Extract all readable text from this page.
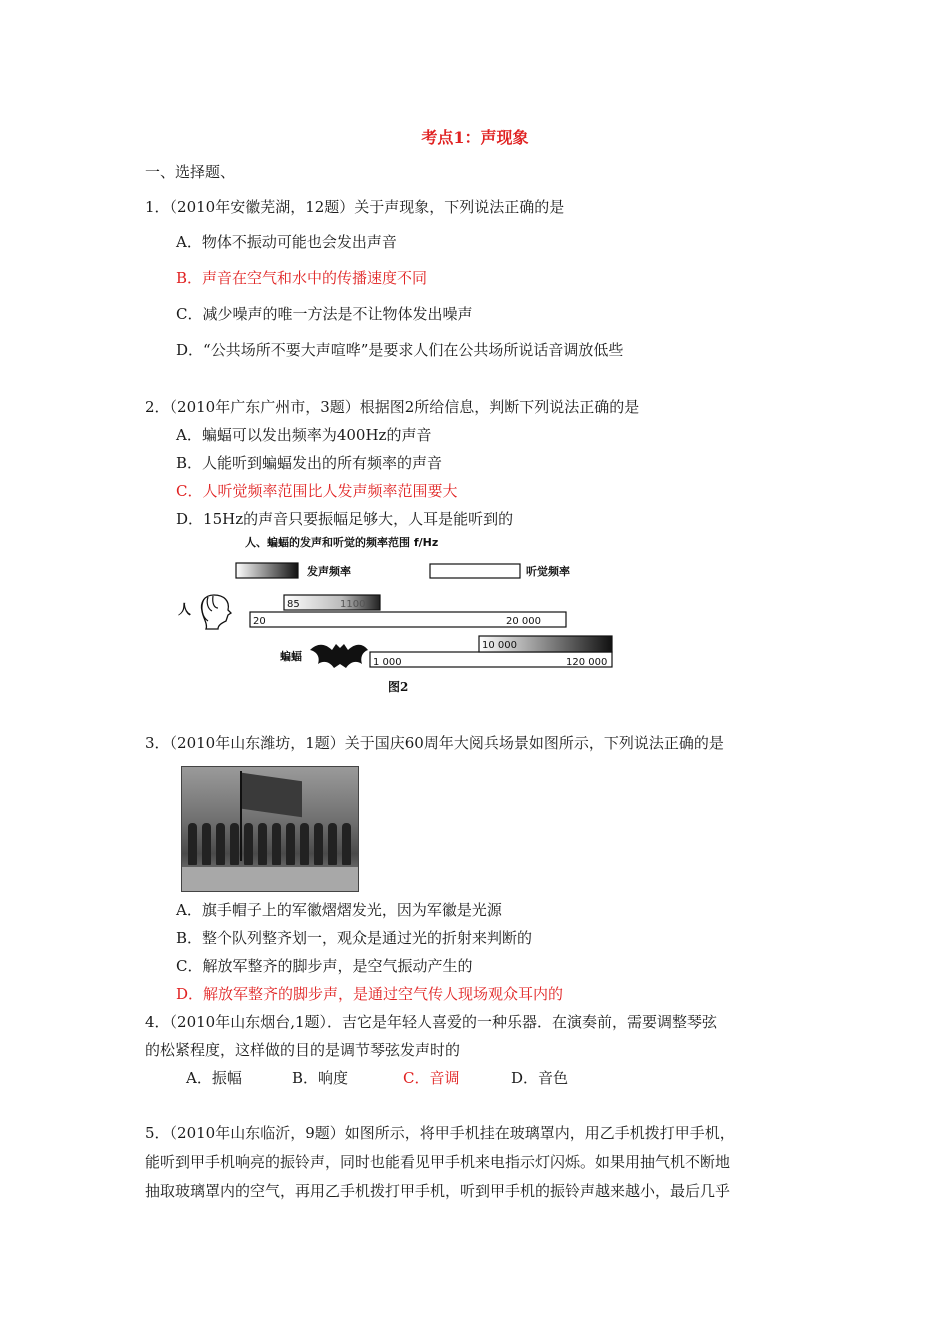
考点1：声现象
一、选择题、
1．（2010年安徽芜湖，12题）关于声现象，下列说法正确的是
A．物体不振动可能也会发出声音
B．声音在空气和水中的传播速度不同
C．减少噪声的唯一方法是不让物体发出噪声
D．“公共场所不要大声喧哗”是要求人们在公共场所说话音调放低些
2．（2010年广东广州市，3题）根据图2所给信息，判断下列说法正确的是
A．蝙蝠可以发出频率为400Hz的声音
B．人能听到蝙蝠发出的所有频率的声音
C．人听觉频率范围比人发声频率范围要大
D．15Hz的声音只要振幅足够大，人耳是能听到的
人、蝙蝠的发声和听觉的频率范围 f/Hz
发声频率	听觉频率
人	85	1100
20	20 000
蝙蝠
10 000
1 000	120 000
图2
3．（2010年山东潍坊，1题）关于国庆60周年大阅兵场景如图所示，下列说法正确的是
A．旗手帽子上的军徽熠熠发光，因为军徽是光源
B．整个队列整齐划一，观众是通过光的折射来判断的
C．解放军整齐的脚步声，是空气振动产生的
D．解放军整齐的脚步声，是通过空气传人现场观众耳内的
4．（2010年山东烟台,1题）．吉它是年轻人喜爱的一种乐器．在演奏前，需要调整琴弦
的松紧程度，这样做的目的是调节琴弦发声时的
A．振幅	B．响度	C．音调	D．音色
5．（2010年山东临沂，9题）如图所示，将甲手机挂在玻璃罩内，用乙手机拨打甲手机，
能听到甲手机响亮的振铃声，同时也能看见甲手机来电指示灯闪烁。如果用抽气机不断地
抽取玻璃罩内的空气，再用乙手机拨打甲手机，听到甲手机的振铃声越来越小，最后几乎
